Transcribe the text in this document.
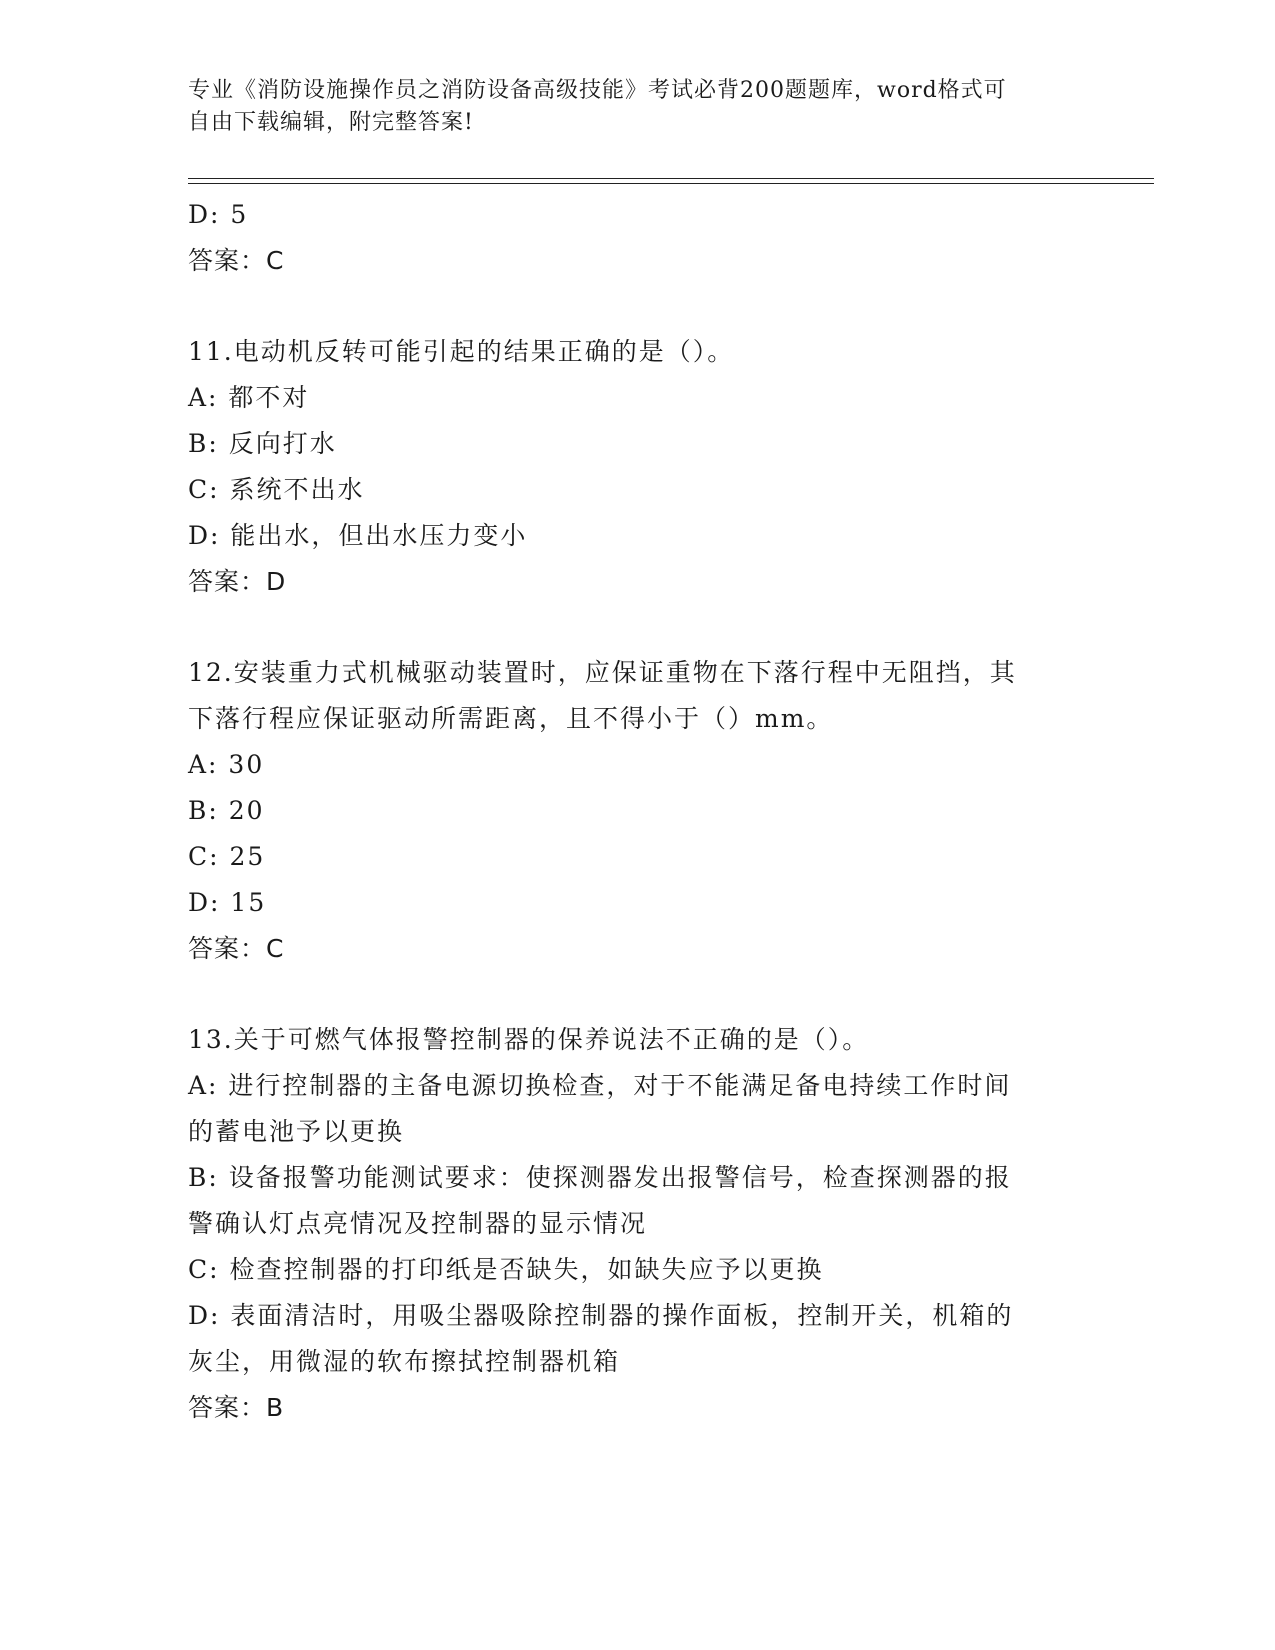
专业《消防设施操作员之消防设备高级技能》考试必背200题题库，word格式可
自由下载编辑，附完整答案!
D: 5
答案：C
11.电动机反转可能引起的结果正确的是（）。
A: 都不对
B: 反向打水
C: 系统不出水
D: 能出水，但出水压力变小
答案：D
12.安装重力式机械驱动装置时，应保证重物在下落行程中无阻挡，其
下落行程应保证驱动所需距离，且不得小于（）mm。
A: 30
B: 20
C: 25
D: 15
答案：C
13.关于可燃气体报警控制器的保养说法不正确的是（）。
A: 进行控制器的主备电源切换检查，对于不能满足备电持续工作时间
的蓄电池予以更换
B: 设备报警功能测试要求：使探测器发出报警信号，检查探测器的报
警确认灯点亮情况及控制器的显示情况
C: 检查控制器的打印纸是否缺失，如缺失应予以更换
D: 表面清洁时，用吸尘器吸除控制器的操作面板，控制开关，机箱的
灰尘，用微湿的软布擦拭控制器机箱
答案：B
